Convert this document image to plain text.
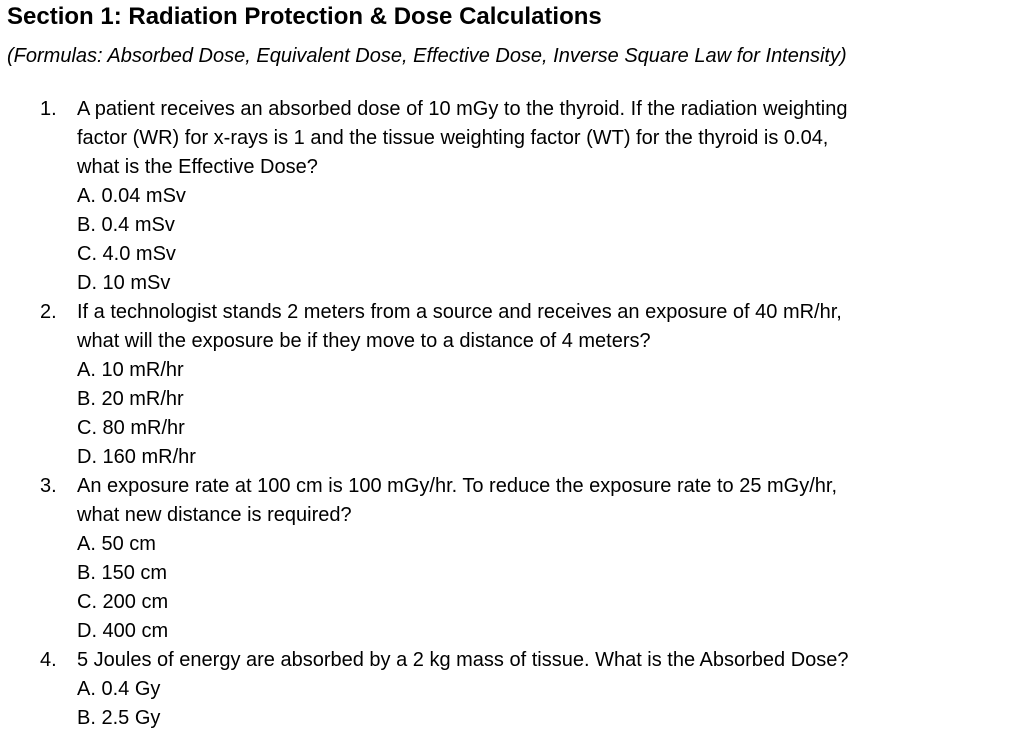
Section 1: Radiation Protection & Dose Calculations

(Formulas: Absorbed Dose, Equivalent Dose, Effective Dose, Inverse Square Law for Intensity)

1. A patient receives an absorbed dose of 10 mGy to the thyroid. If the radiation weighting
factor (WR) for x-rays is 1 and the tissue weighting factor (WT) for the thyroid is 0.04,
what is the Effective Dose?
A. 0.04 mSv
B. 0.4 mSv
C. 4.0 mSv
D. 10 mSv
2. If a technologist stands 2 meters from a source and receives an exposure of 40 mR/hr,
what will the exposure be if they move to a distance of 4 meters?
A. 10 mR/hr
B. 20 mR/hr
C. 80 mR/hr
D. 160 mR/hr
3. An exposure rate at 100 cm is 100 mGy/hr. To reduce the exposure rate to 25 mGy/hr,
what new distance is required?
A. 50 cm
B. 150 cm
C. 200 cm
D. 400 cm
4. 5 Joules of energy are absorbed by a 2 kg mass of tissue. What is the Absorbed Dose?
A. 0.4 Gy
B. 2.5 Gy
